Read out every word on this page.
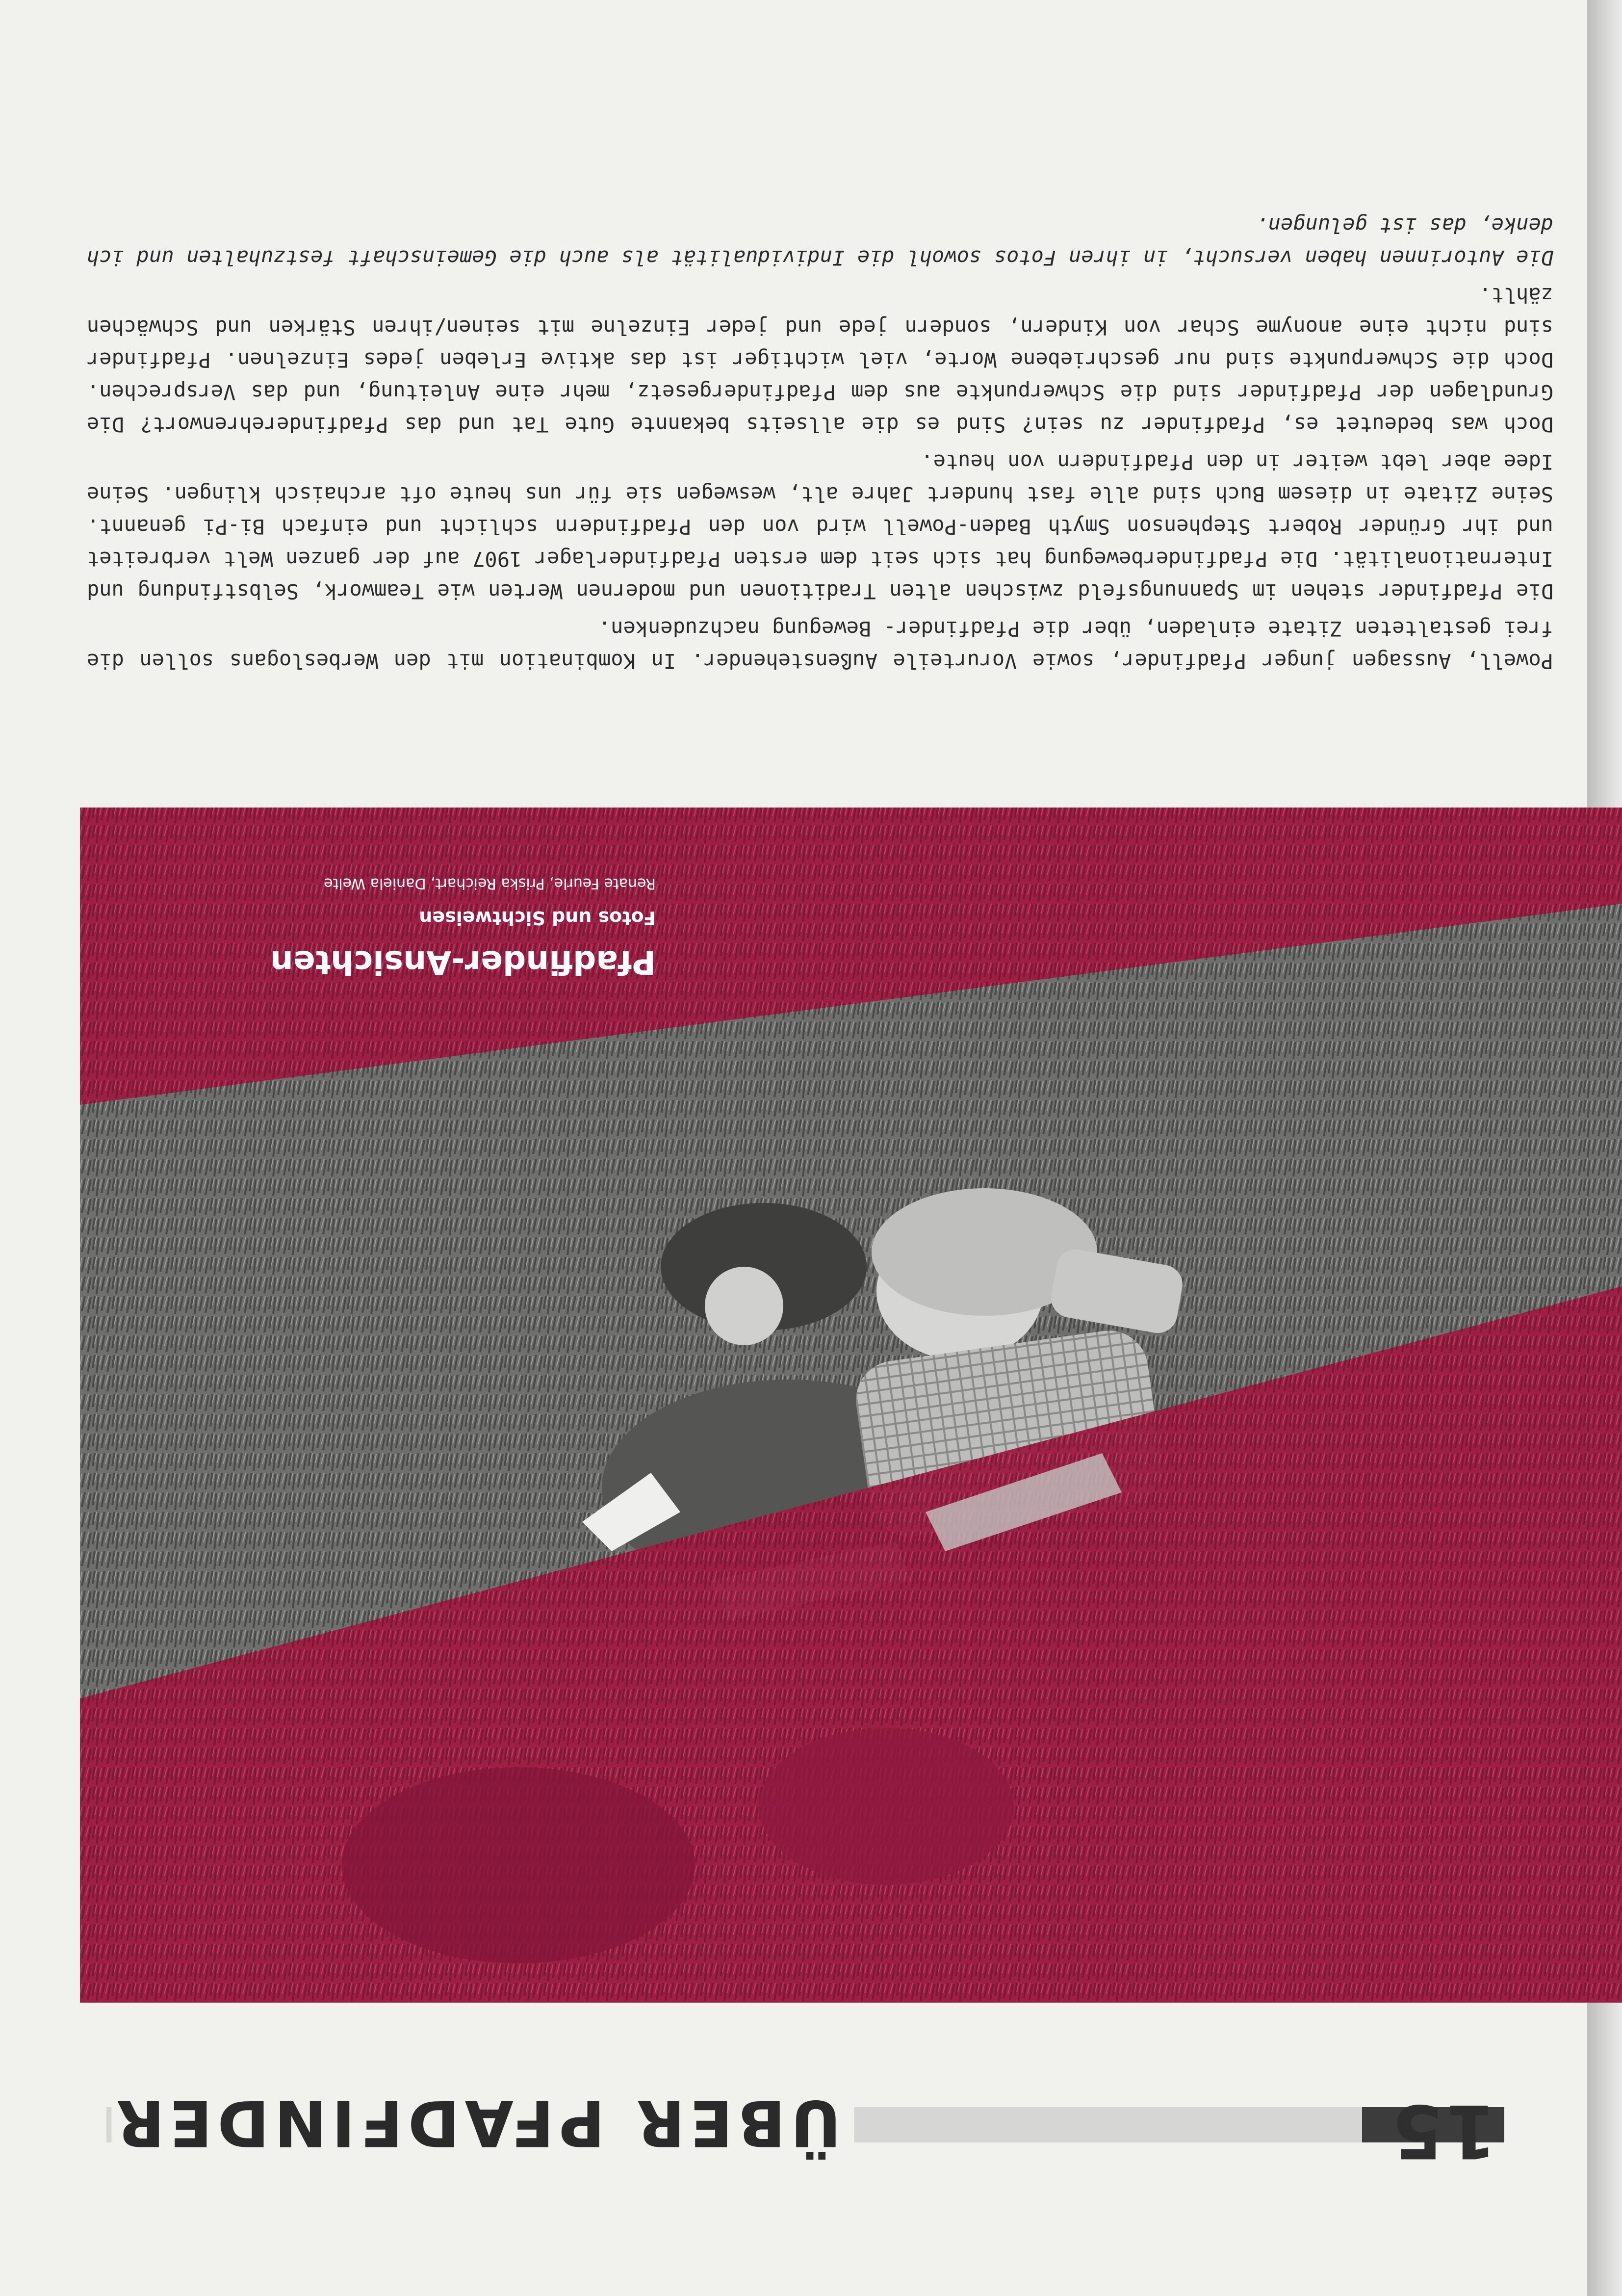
15
ÜBER PFADFINDER
Pfadfinder-Ansichten
Fotos und Sichtweisen
Renate Feurle, Priska Reichart, Daniela Welte

Powell, Aussagen junger Pfadfinder, sowie Vorurteile Außenstehender. In Kombination mit den Werbeslogans sollen die frei gestalteten Zitate einladen, über die Pfadfinder- Bewegung nachzudenken.

Die Pfadfinder stehen im Spannungsfeld zwischen alten Traditionen und modernen Werten wie Teamwork, Selbstfindung und Internationalität. Die Pfadfinderbewegung hat sich seit dem ersten Pfadfinderlager 1907 auf der ganzen Welt verbreitet und ihr Gründer Robert Stephenson Smyth Baden-Powell wird von den Pfadfindern schlicht und einfach Bi-Pi genannt. Seine Zitate in diesem Buch sind alle fast hundert Jahre alt, weswegen sie für uns heute oft archaisch klingen. Seine Idee aber lebt weiter in den Pfadfindern von heute.

Doch was bedeutet es, Pfadfinder zu sein? Sind es die allseits bekannte Gute Tat und das Pfadfinderehrenwort? Die Grundlagen der Pfadfinder sind die Schwerpunkte aus dem Pfadfindergesetz, mehr eine Anleitung, und das Versprechen. Doch die Schwerpunkte sind nur geschriebene Worte, viel wichtiger ist das aktive Erleben jedes Einzelnen. Pfadfinder sind nicht eine anonyme Schar von Kindern, sondern jede und jeder Einzelne mit seinen/ihren Stärken und Schwächen zählt.

Die Autorinnen haben versucht, in ihren Fotos sowohl die Individualität als auch die Gemeinschaft festzuhalten und ich denke, das ist gelungen.
